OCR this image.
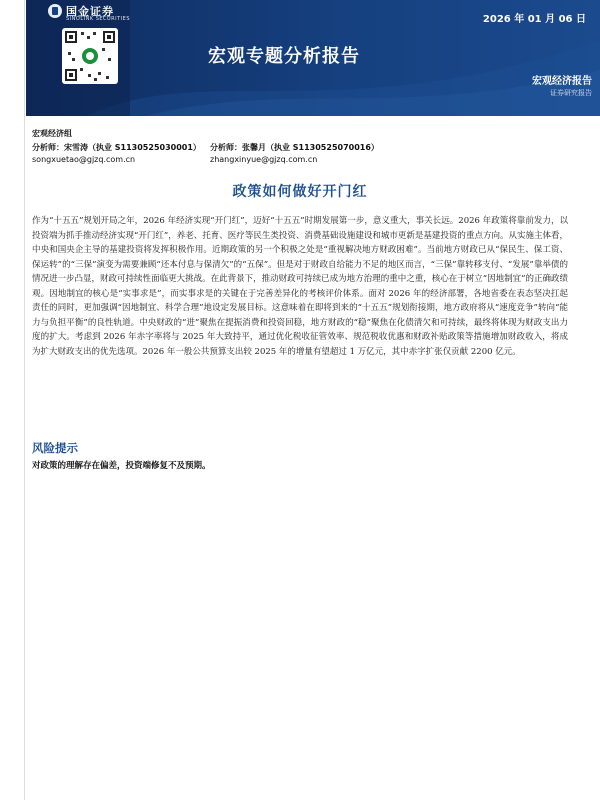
国金证券
SINOLINK SECURITIES	2026 年 01 月 06 日
宏观专题分析报告
宏观经济报告
证券研究报告
宏观经济组
分析师：宋雪涛（执业 S1130525030001）
songxuetao@gjzq.com.cn
分析师：张馨月（执业 S1130525070016）
zhangxinyue@gjzq.com.cn
政策如何做好开门红

作为“十五五”规划开局之年，2026 年经济实现“开门红”，迈好“十五五”时期发展第一步，意义重大，事关长远。2026 年政策将靠前发力，以投资端为抓手推动经济实现“开门红”，养老、托育、医疗等民生类投资、消费基础设施建设和城市更新是基建投资的重点方向。从实施主体看，中央和国央企主导的基建投资将发挥积极作用。近期政策的另一个积极之处是“重视解决地方财政困难”。当前地方财政已从“保民生、保工资、保运转”的“三保”演变为需要兼顾“还本付息与保清欠”的“五保”。但是对于财政自给能力不足的地区而言，“三保”靠转移支付、“发展”靠举债的情况进一步凸显，财政可持续性面临更大挑战。在此背景下，推动财政可持续已成为地方治理的重中之重，核心在于树立“因地制宜”的正确政绩观。因地制宜的核心是“实事求是”，而实事求是的关键在于完善差异化的考核评价体系。面对 2026 年的经济部署，各地省委在表态坚决扛起责任的同时，更加强调“因地制宜、科学合理”地设定发展目标。这意味着在即将到来的“十五五”规划衔接期，地方政府将从“速度竞争”转向“能力与负担平衡”的良性轨道。中央财政的“进”聚焦在提振消费和投资回稳，地方财政的“稳”聚焦在化债清欠和可持续，最终将体现为财政支出力度的扩大。考虑到 2026 年赤字率将与 2025 年大致持平，通过优化税收征管效率、规范税收优惠和财政补贴政策等措施增加财政收入，将成为扩大财政支出的优先选项。2026 年一般公共预算支出较 2025 年的增量有望超过 1 万亿元，其中赤字扩张仅贡献 2200 亿元。

风险提示
对政策的理解存在偏差，投资端修复不及预期。
